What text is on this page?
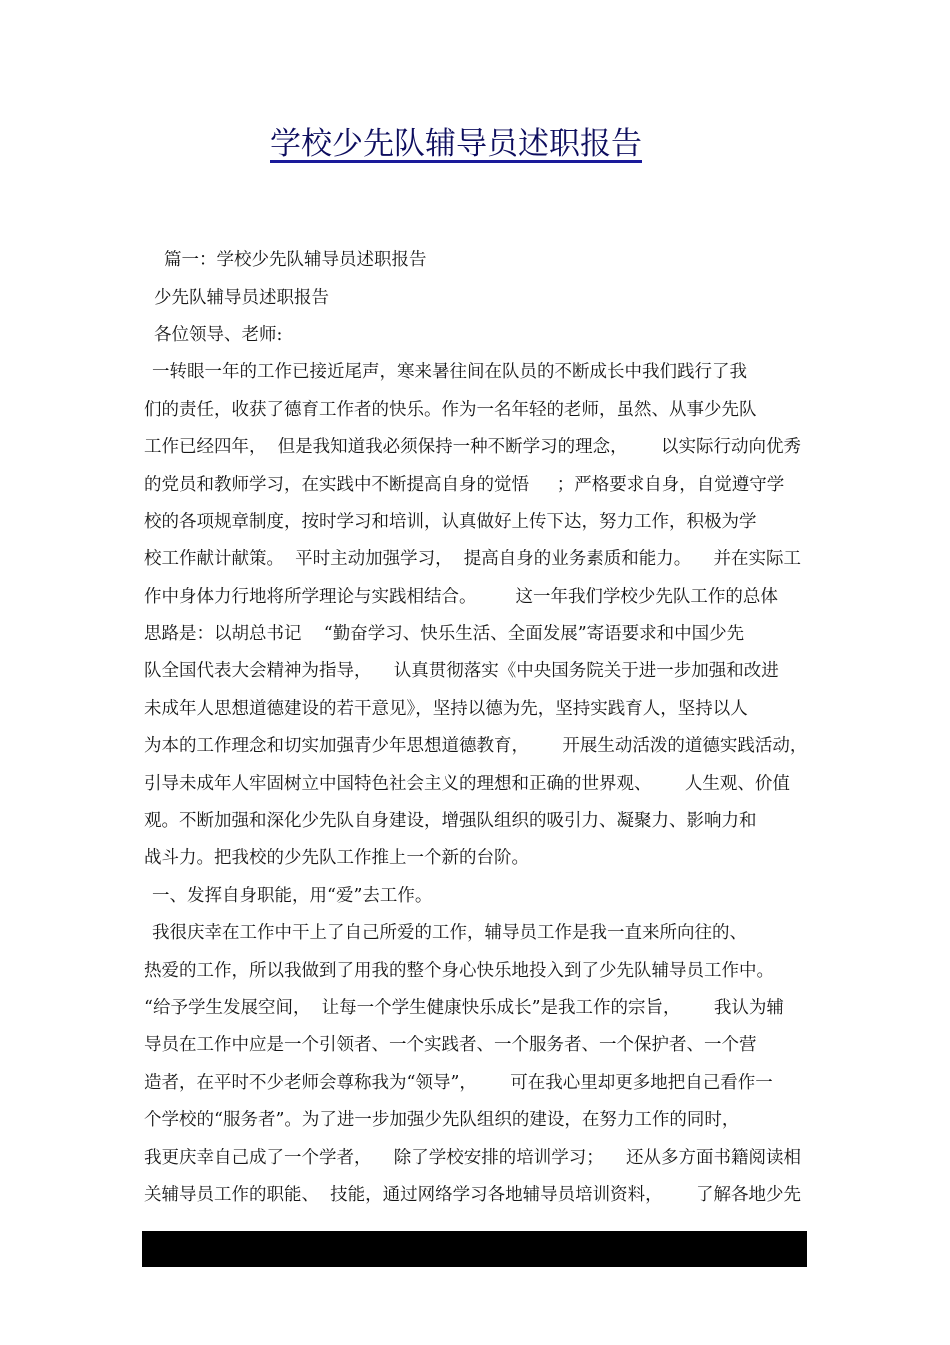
学校少先队辅导员述职报告
篇一：学校少先队辅导员述职报告
少先队辅导员述职报告
各位领导、老师:
一转眼一年的工作已接近尾声，寒来暑往间在队员的不断成长中我们践行了我
们的责任，收获了德育工作者的快乐。作为一名年轻的老师，虽然、从事少先队
工作已经四年，  但是我知道我必须保持一种不断学习的理念，      以实际行动向优秀
的党员和教师学习，在实践中不断提高自身的觉悟     ；严格要求自身，自觉遵守学
校的各项规章制度，按时学习和培训，认真做好上传下达，努力工作，积极为学
校工作献计献策。  平时主动加强学习，  提高自身的业务素质和能力。    并在实际工
作中身体力行地将所学理论与实践相结合。       这一年我们学校少先队工作的总体
思路是：以胡总书记    “勤奋学习、快乐生活、全面发展”寄语要求和中国少先
队全国代表大会精神为指导，    认真贯彻落实《中央国务院关于进一步加强和改进
未成年人思想道德建设的若干意见》，坚持以德为先，坚持实践育人，坚持以人
为本的工作理念和切实加强青少年思想道德教育，      开展生动活泼的道德实践活动，
引导未成年人牢固树立中国特色社会主义的理想和正确的世界观、      人生观、价值
观。不断加强和深化少先队自身建设，增强队组织的吸引力、凝聚力、影响力和
战斗力。把我校的少先队工作推上一个新的台阶。
一、发挥自身职能，用“爱”去工作。
我很庆幸在工作中干上了自己所爱的工作，辅导员工作是我一直来所向往的、
热爱的工作，所以我做到了用我的整个身心快乐地投入到了少先队辅导员工作中。
“给予学生发展空间，  让每一个学生健康快乐成长”是我工作的宗旨，      我认为辅
导员在工作中应是一个引领者、一个实践者、一个服务者、一个保护者、一个营
造者，在平时不少老师会尊称我为“领导”，      可在我心里却更多地把自己看作一
个学校的“服务者”。为了进一步加强少先队组织的建设，在努力工作的同时，
我更庆幸自己成了一个学者，    除了学校安排的培训学习；    还从多方面书籍阅读相
关辅导员工作的职能、  技能，通过网络学习各地辅导员培训资料，      了解各地少先
